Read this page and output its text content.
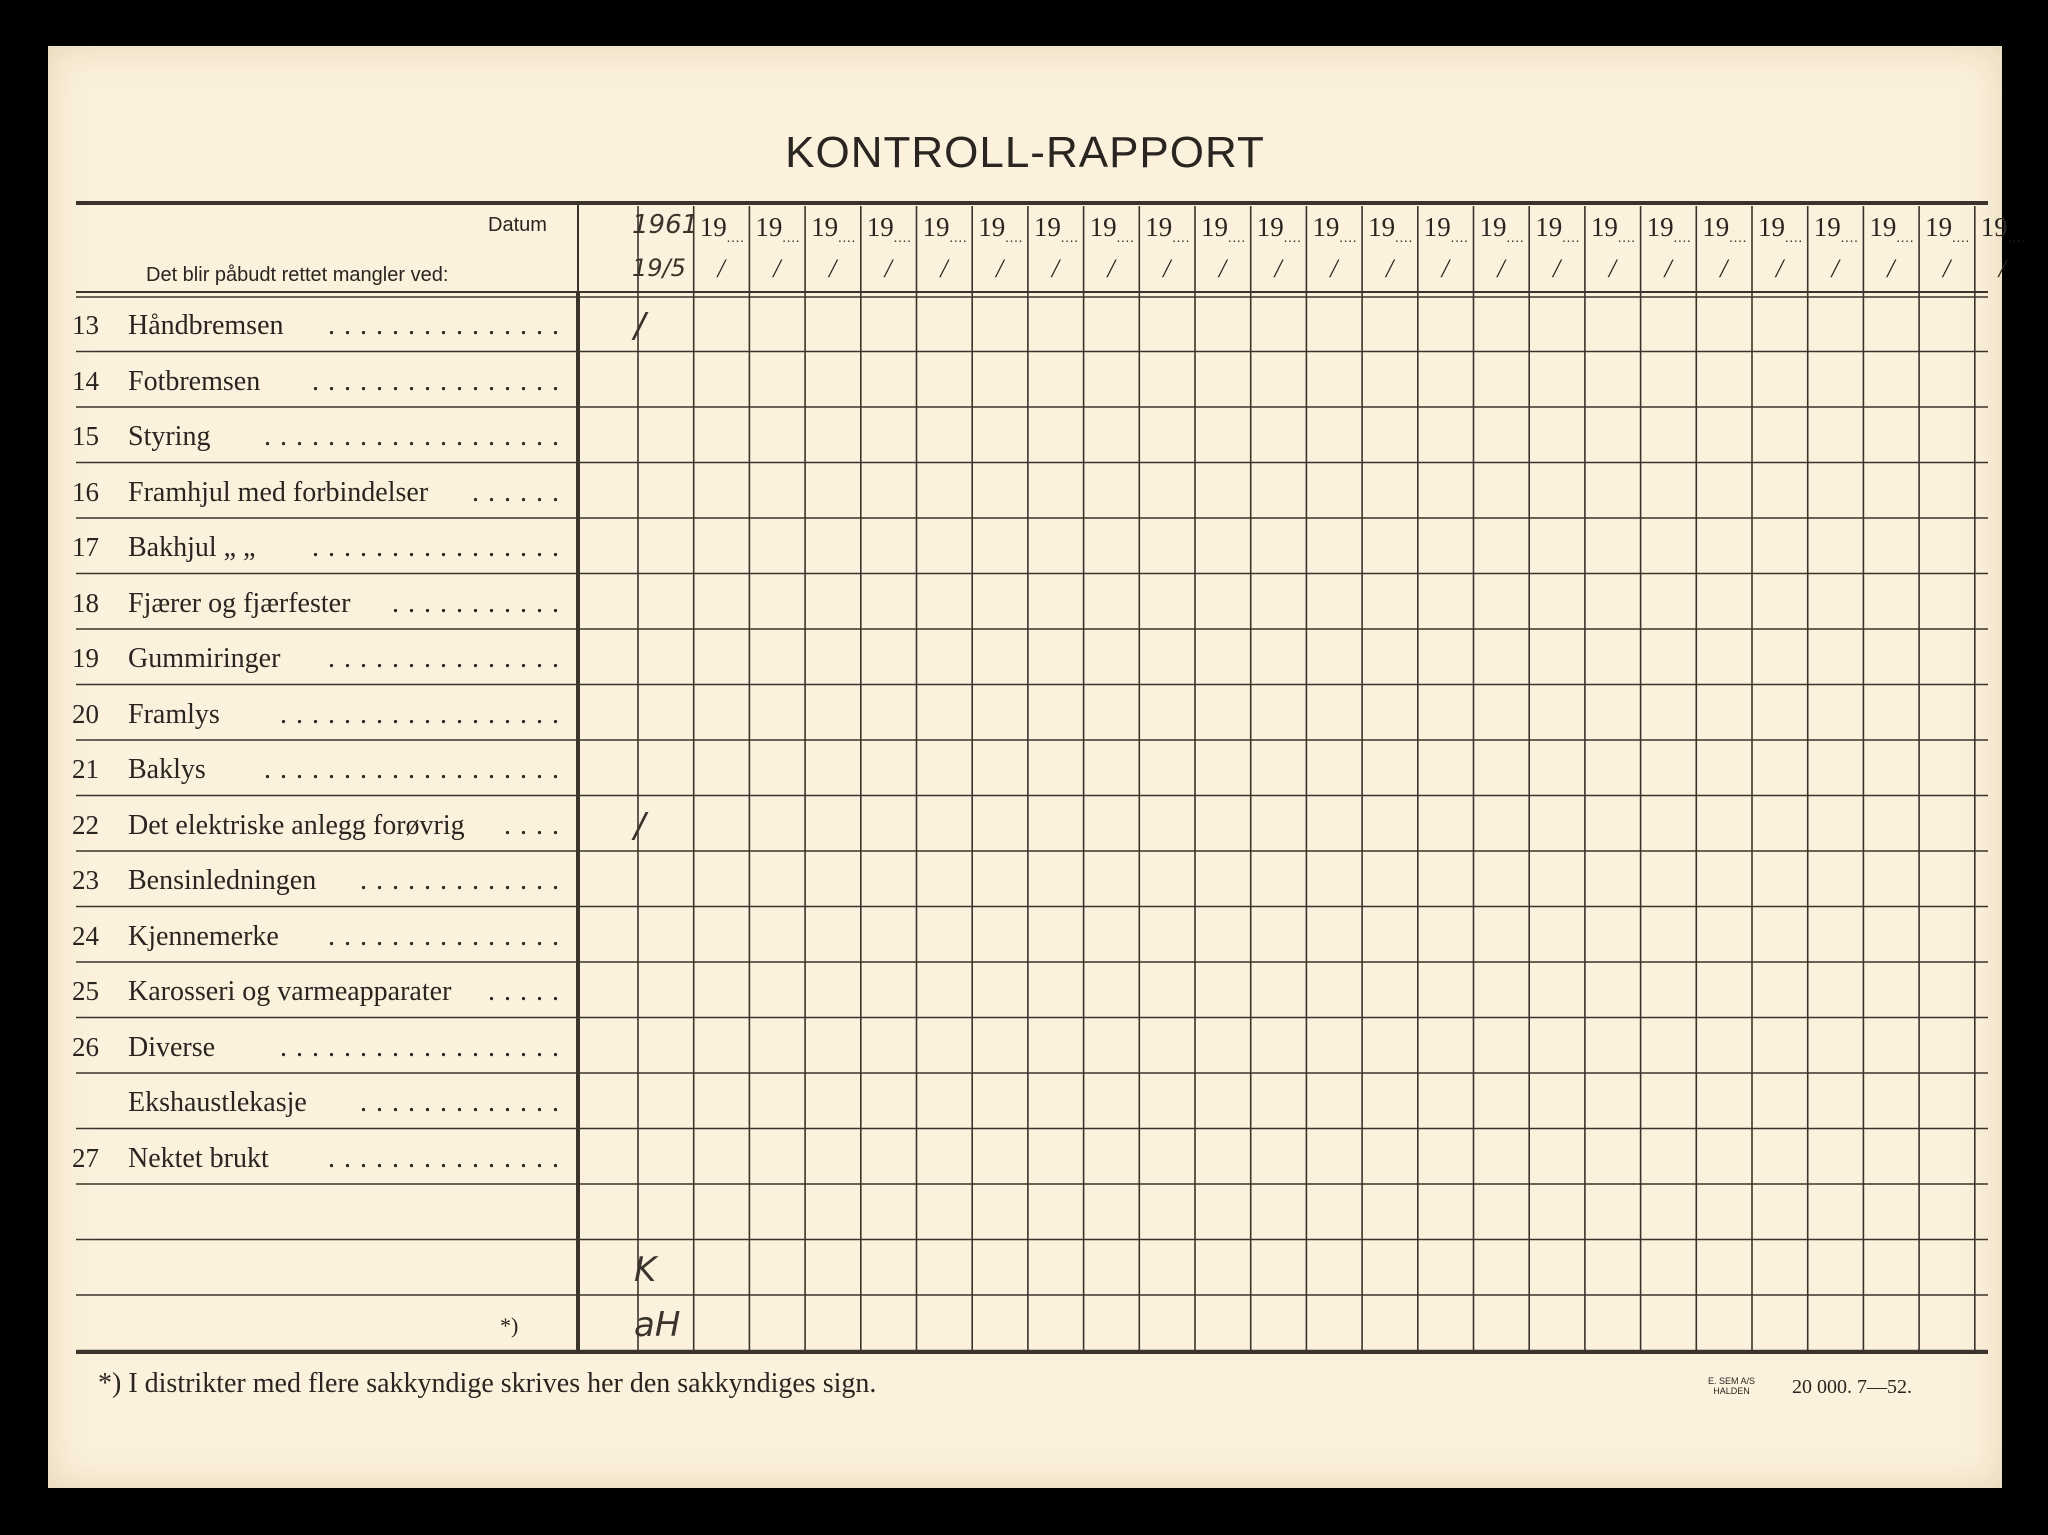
KONTROLL-RAPPORT
Datum
Det blir påbudt rettet mangler ved:
1961
19/5
$19_{....}$
/
$19_{....}$
/
$19_{....}$
/
$19_{....}$
/
$19_{....}$
/
$19_{....}$
/
$19_{....}$
/
$19_{....}$
/
$19_{....}$
/
$19_{....}$
/
$19_{....}$
/
$19_{....}$
/
$19_{....}$
/
$19_{....}$
/
$19_{....}$
/
$19_{....}$
/
$19_{....}$
/
$19_{....}$
/
$19_{....}$
/
$19_{....}$
/
$19_{....}$
/
$19_{....}$
/
$19_{....}$
/
$19_{....}$
/
13 Håndbremsen ............... /
14 Fotbremsen ................
15 Styring ...................
16 Framhjul med forbindelser ......
17 Bakhjul „ „ ................
18 Fjærer og fjærfester ...........
19 Gummiringer ...............
20 Framlys ..................
21 Baklys ...................
22 Det elektriske anlegg forøvrig .... /
23 Bensinledningen .............
24 Kjennemerke ...............
25 Karosseri og varmeapparater .....
26 Diverse ..................
Ekshaustlekasje .............
27 Nektet brukt ...............
K
*)	aH
*) I distrikter med flere sakkyndige skrives her den sakkyndiges sign.	E. SEM A/S
HALDEN 20 000. 7—52.
